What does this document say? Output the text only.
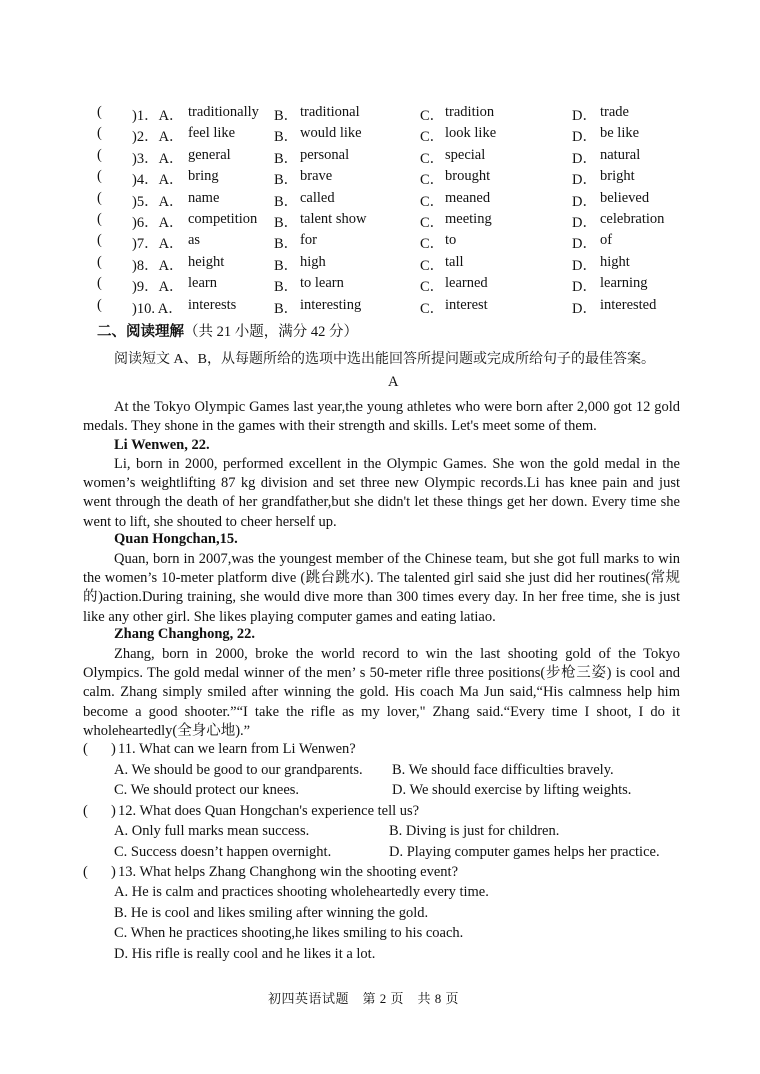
( )1．A． traditionally B． traditional	C． tradition	D． trade
( )2．A． feel like	B． would like	C． look like	D． be like
( )3．A． general	B． personal	C． special	D． natural
( )4．A． bring	B． brave	C． brought	D． bright
( )5．A． name	B． called	C． meaned	D． believed
( )6．A． competition B． talent show	C． meeting	D． celebration
( )7．A． as	B． for	C． to	D． of
( )8．A． height	B． high	C． tall	D． hight
( )9．A． learn	B． to learn	C． learned	D． learning
( )10. A． interests	B． interesting	C． interest	D． interested
二、阅读理解（共 21 小题，满分 42 分）
阅读短文 A、B，从每题所给的选项中选出能回答所提问题或完成所给句子的最佳答案。
A
At the Tokyo Olympic Games last year,the young athletes who were born after 2,000 got 12 gold medals. They shone in the games with their strength and skills. Let's meet some of them.
Li Wenwen, 22.
Li, born in 2000, performed excellent in the Olympic Games. She won the gold medal in the women’s weightlifting 87 kg division and set three new Olympic records.Li has knee pain and just went through the death of her grandfather,but she didn't let these things get her down. Every time she went to lift, she shouted to cheer herself up.
Quan Hongchan,15.
Quan, born in 2007,was the youngest member of the Chinese team, but she got full marks to win the women’s 10-meter platform dive (跳台跳水). The talented girl said she just did her routines(常规的)action.During training, she would dive more than 300 times every day. In her free time, she is just like any other girl. She likes playing computer games and eating latiao.
Zhang Changhong, 22.
Zhang, born in 2000, broke the world record to win the last shooting gold of the Tokyo Olympics. The gold medal winner of the men’ s 50-meter rifle three positions(步枪三姿) is cool and calm. Zhang simply smiled after winning the gold. His coach Ma Jun said,“His calmness help him become a good shooter.”“I take the rifle as my lover," Zhang said.“Every time I shoot, I do it wholeheartedly(全身心地).”
( ) 11. What can we learn from Li Wenwen?
A. We should be good to our grandparents. B. We should face difficulties bravely.
C. We should protect our knees.	D. We should exercise by lifting weights.
( ) 12. What does Quan Hongchan's experience tell us?
A. Only full marks mean success.	B. Diving is just for children.
C. Success doesn’t happen overnight.	D. Playing computer games helps her practice.
( ) 13. What helps Zhang Changhong win the shooting event?
A. He is calm and practices shooting wholeheartedly every time.
B. He is cool and likes smiling after winning the gold.
C. When he practices shooting,he likes smiling to his coach.
D. His rifle is really cool and he likes it a lot.
初四英语试题　第 2 页　共 8 页
